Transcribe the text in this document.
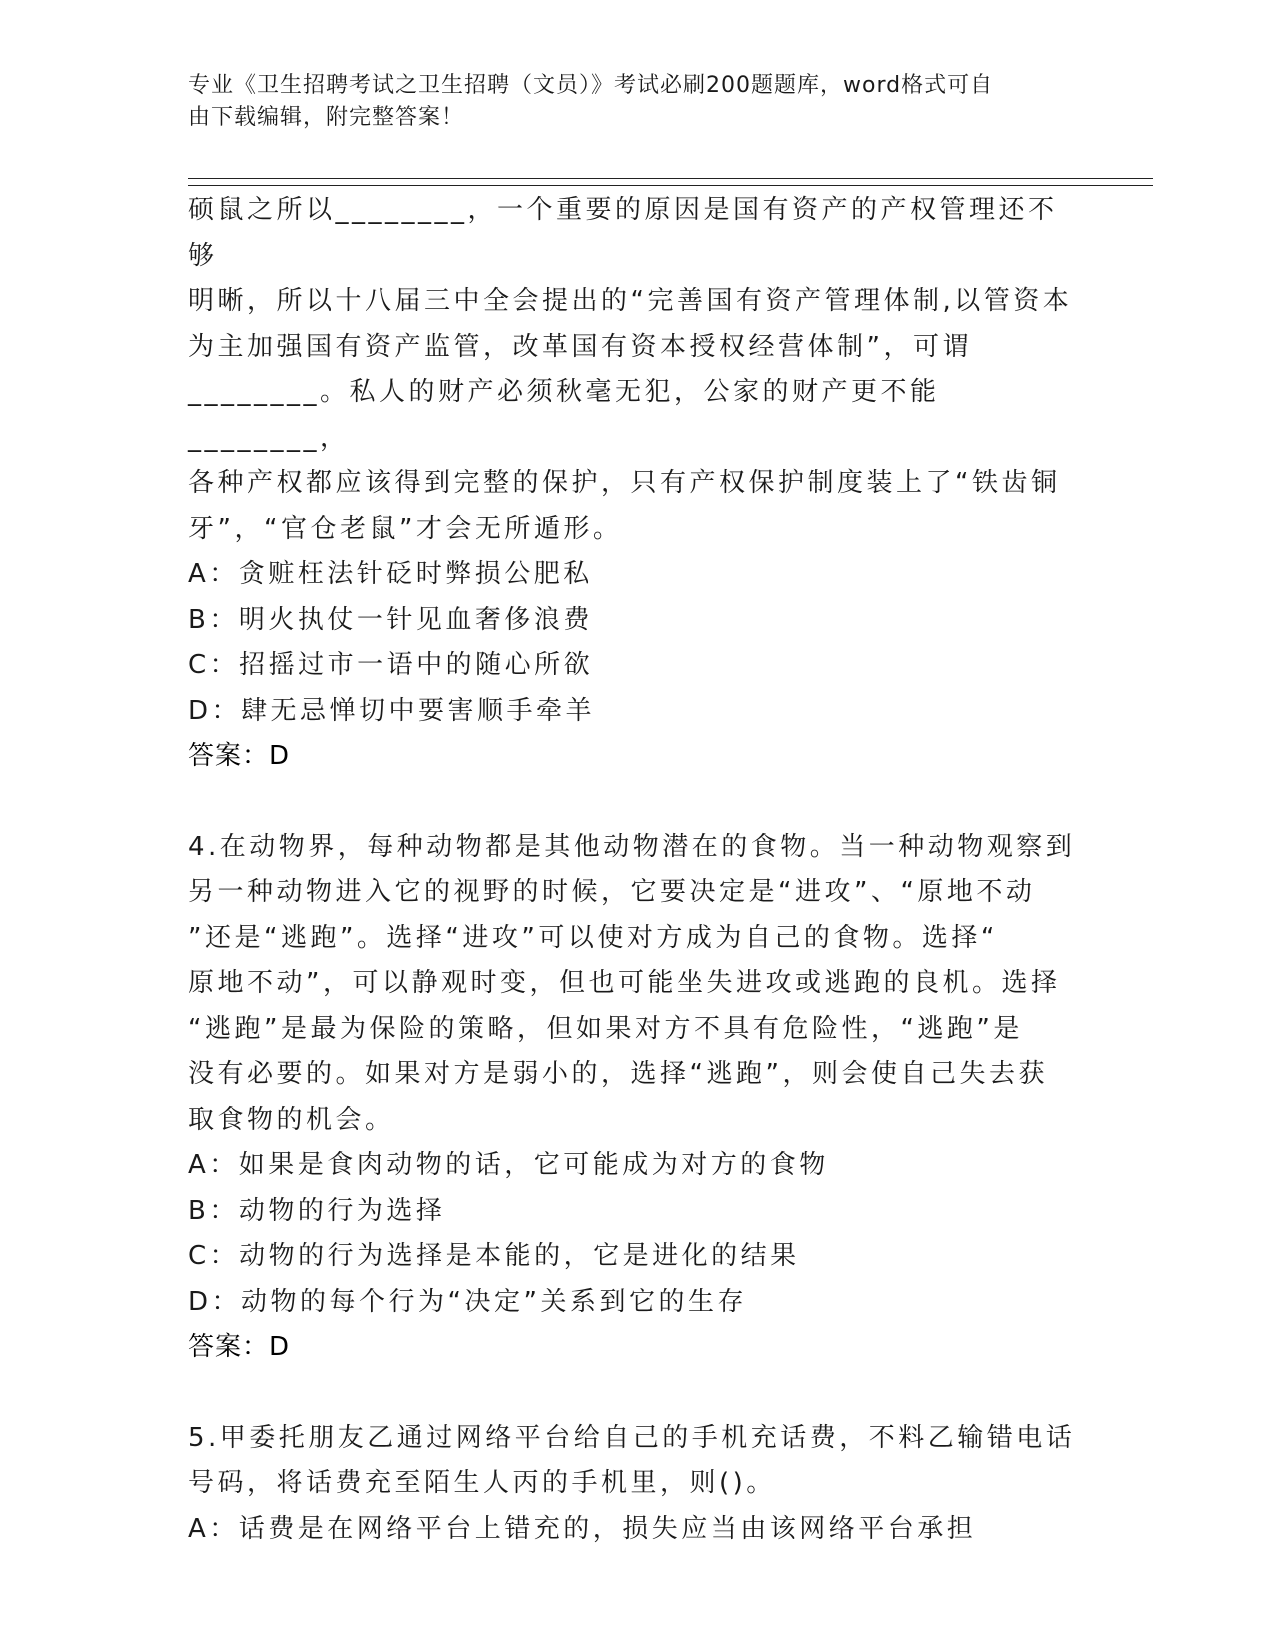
专业《卫生招聘考试之卫生招聘（文员）》考试必刷200题题库，word格式可自
由下载编辑，附完整答案！

硕鼠之所以________，一个重要的原因是国有资产的产权管理还不够

明晰，所以十八届三中全会提出的“完善国有资产管理体制,以管资本

为主加强国有资产监管，改革国有资本授权经营体制”，可谓

________。私人的财产必须秋毫无犯，公家的财产更不能________，

各种产权都应该得到完整的保护，只有产权保护制度装上了“铁齿铜

牙”，“官仓老鼠”才会无所遁形。

A：贪赃枉法针砭时弊损公肥私

B：明火执仗一针见血奢侈浪费

C：招摇过市一语中的随心所欲

D：肆无忌惮切中要害顺手牵羊

答案：D

4.在动物界，每种动物都是其他动物潜在的食物。当一种动物观察到

另一种动物进入它的视野的时候，它要决定是“进攻”、“原地不动

”还是“逃跑”。选择“进攻”可以使对方成为自己的食物。选择“

原地不动”，可以静观时变，但也可能坐失进攻或逃跑的良机。选择

“逃跑”是最为保险的策略，但如果对方不具有危险性，“逃跑”是

没有必要的。如果对方是弱小的，选择“逃跑”，则会使自己失去获

取食物的机会。

A：如果是食肉动物的话，它可能成为对方的食物

B：动物的行为选择

C：动物的行为选择是本能的，它是进化的结果

D：动物的每个行为“决定”关系到它的生存

答案：D

5.甲委托朋友乙通过网络平台给自己的手机充话费，不料乙输错电话

号码，将话费充至陌生人丙的手机里，则()。

A：话费是在网络平台上错充的，损失应当由该网络平台承担
